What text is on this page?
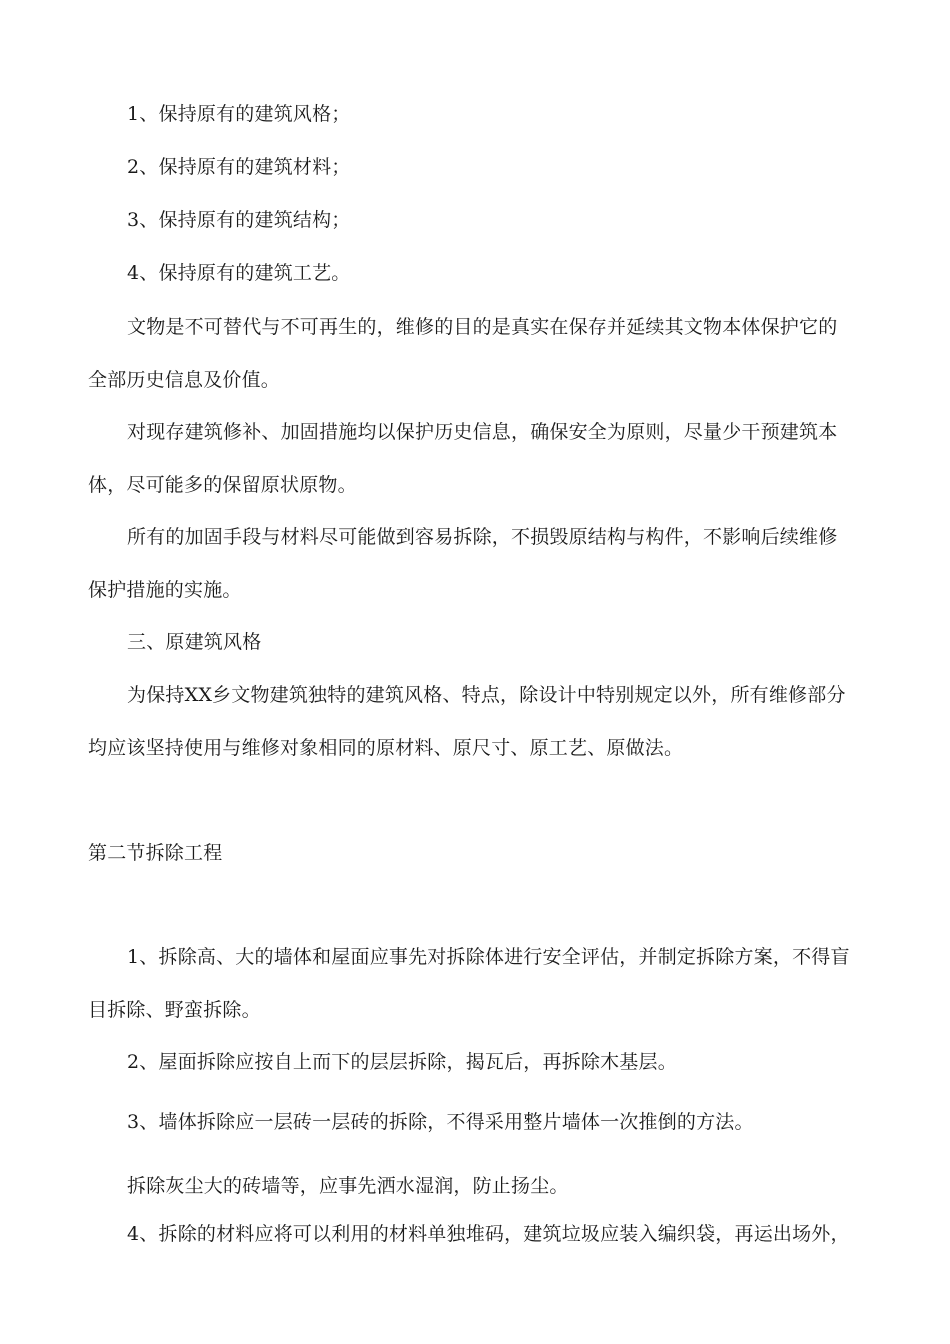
1、保持原有的建筑风格；
2、保持原有的建筑材料；
3、保持原有的建筑结构；
4、保持原有的建筑工艺。
文物是不可替代与不可再生的，维修的目的是真实在保存并延续其文物本体保护它的
全部历史信息及价值。
对现存建筑修补、加固措施均以保护历史信息，确保安全为原则，尽量少干预建筑本
体，尽可能多的保留原状原物。
所有的加固手段与材料尽可能做到容易拆除，不损毁原结构与构件，不影响后续维修
保护措施的实施。
三、原建筑风格
为保持XX乡文物建筑独特的建筑风格、特点，除设计中特别规定以外，所有维修部分
均应该坚持使用与维修对象相同的原材料、原尺寸、原工艺、原做法。
第二节拆除工程
1、拆除高、大的墙体和屋面应事先对拆除体进行安全评估，并制定拆除方案，不得盲
目拆除、野蛮拆除。
2、屋面拆除应按自上而下的层层拆除，揭瓦后，再拆除木基层。
3、墙体拆除应一层砖一层砖的拆除，不得采用整片墙体一次推倒的方法。
拆除灰尘大的砖墙等，应事先洒水湿润，防止扬尘。
4、拆除的材料应将可以利用的材料单独堆码，建筑垃圾应装入编织袋，再运出场外，
